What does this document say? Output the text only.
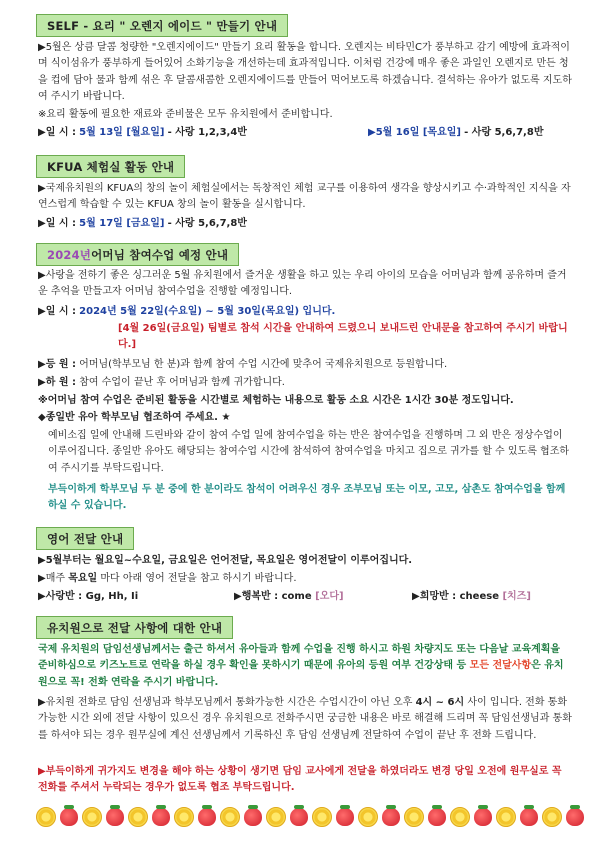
SELF - 요리 " 오렌지 에이드 " 만들기 안내
▶5월은 상큼 달콤 청량한 "오렌지에이드" 만들기 요리 활동을 합니다. 오렌지는 비타민C가 풍부하고 감기 예방에 효과적이며 식이섬유가 풍부하게 들어있어 소화기능을 개선하는데 효과적입니다. 이처럼 건강에 매우 좋은 과일인 오렌지로 만든 청을 컵에 담아 물과 함께 섞은 후 달콤새콤한 오렌지에이드를 만들어 먹어보도록 하겠습니다. 결석하는 유아가 없도록 지도하여 주시기 바랍니다.
※요리 활동에 필요한 재료와 준비물은 모두 유치원에서 준비합니다.
▶일 시 : 5월 13일 [월요일] - 사랑 1,2,3,4반	▶5월 16일 [목요일] - 사랑 5,6,7,8반
KFUA 체험실 활동 안내
▶국제유치원의 KFUA의 창의 놀이 체험실에서는 독창적인 체험 교구를 이용하여 생각을 향상시키고 수·과학적인 지식을 자연스럽게 학습할 수 있는 KFUA 창의 놀이 활동을 실시합니다.
▶일 시 : 5월 17일 [금요일] - 사랑 5,6,7,8반
2024년 어머님 참여수업 예정 안내
▶사랑을 전하기 좋은 싱그러운 5월 유치원에서 즐거운 생활을 하고 있는 우리 아이의 모습을 어머님과 함께 공유하며 즐거운 추억을 만들고자 어머님 참여수업을 진행할 예정입니다.
▶일 시 : 2024년 5월 22일(수요일) ~ 5월 30일(목요일) 입니다.
[4월 26일(금요일) 팀별로 참석 시간을 안내하여 드렸으니 보내드린 안내문을 참고하여 주시기 바랍니다.]
▶등 원 : 어머님(학부모님 한 분)과 함께 참여 수업 시간에 맞추어 국제유치원으로 등원합니다.
▶하 원 : 참여 수업이 끝난 후 어머님과 함께 귀가합니다.
※어머님 참여 수업은 준비된 활동을 시간별로 체험하는 내용으로 활동 소요 시간은 1시간 30분 정도입니다.
◆종일반 유아 학부모님 협조하여 주세요. ★
예비소집 일에 안내해 드린바와 같이 참여 수업 일에 참여수업을 하는 반은 참여수업을 진행하며 그 외 반은 정상수업이 이루어집니다. 종일반 유아도 해당되는 참여수업 시간에 참석하여 참여수업을 마치고 집으로 귀가를 할 수 있도록 협조하여 주시기를 부탁드립니다.
부득이하게 학부모님 두 분 중에 한 분이라도 참석이 어려우신 경우 조부모님 또는 이모, 고모, 삼촌도 참여수업을 함께 하실 수 있습니다.
영어 전달 안내
▶5월부터는 월요일~수요일, 금요일은 언어전달, 목요일은 영어전달이 이루어집니다.
▶매주 목요일 마다 아래 영어 전달을 참고 하시기 바랍니다.
▶사랑반 : Gg, Hh, Ii	▶행복반 : come [오다]	▶희망반 : cheese [치즈]
유치원으로 전달 사항에 대한 안내
국제 유치원의 담임선생님께서는 출근 하셔서 유아들과 함께 수업을 진행 하시고 하원 차량지도 또는 다음날 교육계획을 준비하심으로 키즈노트로 연락을 하실 경우 확인을 못하시기 때문에 유아의 등원 여부 건강상태 등 모든 전달사항은 유치원으로 꼭! 전화 연락을 주시기 바랍니다.
▶유치원 전화로 담임 선생님과 학부모님께서 통화가능한 시간은 수업시간이 아닌 오후 4시 ~ 6시 사이 입니다. 전화 통화 가능한 시간 외에 전달 사항이 있으신 경우 유치원으로 전화주시면 궁금한 내용은 바로 해결해 드리며 꼭 담임선생님과 통화를 하셔야 되는 경우 원무실에 계신 선생님께서 기록하신 후 담임 선생님께 전달하여 수업이 끝난 후 전화 드립니다.
▶부득이하게 귀가지도 변경을 해야 하는 상황이 생기면 담임 교사에게 전달을 하였더라도 변경 당일 오전에 원무실로 꼭 전화를 주셔서 누락되는 경우가 없도록 협조 부탁드립니다.
